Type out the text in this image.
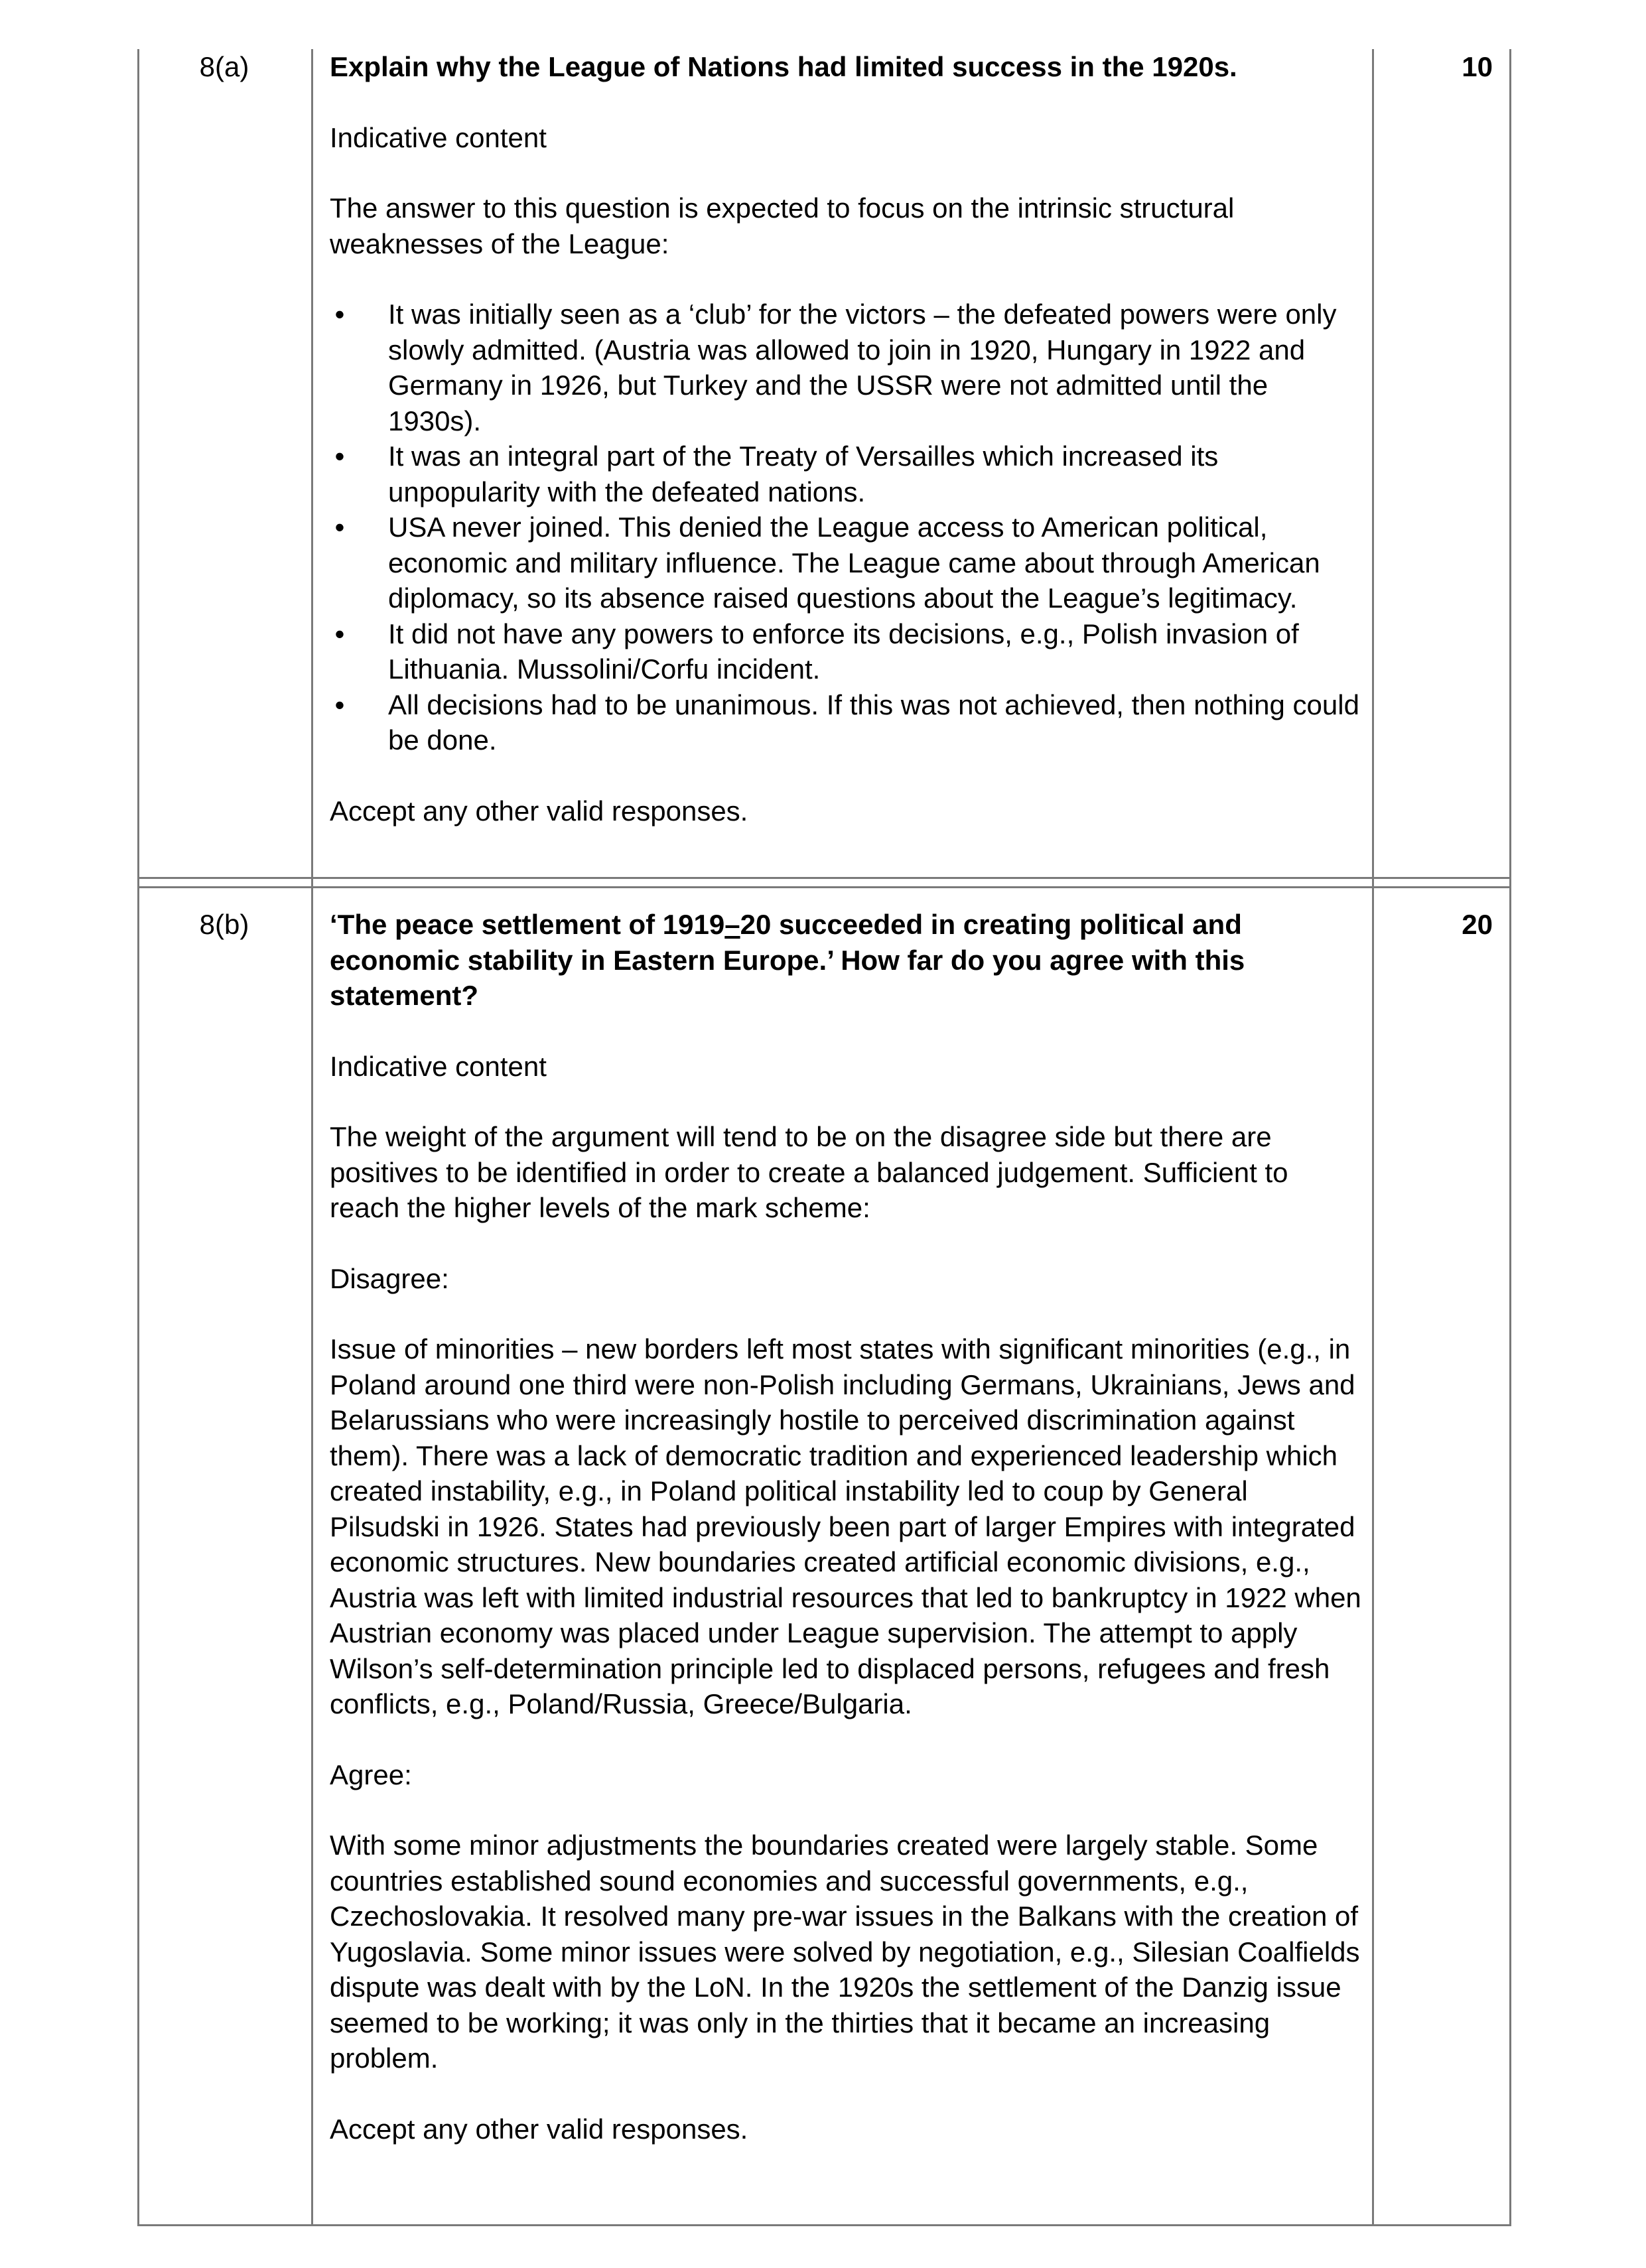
8(a)	10

Explain why the League of Nations had limited success in the 1920s.

Indicative content

The answer to this question is expected to focus on the intrinsic structural weaknesses of the League:

• It was initially seen as a ‘club’ for the victors – the defeated powers were only slowly admitted. (Austria was allowed to join in 1920, Hungary in 1922 and Germany in 1926, but Turkey and the USSR were not admitted until the 1930s).
• It was an integral part of the Treaty of Versailles which increased its unpopularity with the defeated nations.
• USA never joined. This denied the League access to American political, economic and military influence. The League came about through American diplomacy, so its absence raised questions about the League’s legitimacy.
• It did not have any powers to enforce its decisions, e.g., Polish invasion of Lithuania. Mussolini/Corfu incident.
• All decisions had to be unanimous. If this was not achieved, then nothing could be done.

Accept any other valid responses.

8(b)	20

‘The peace settlement of 1919–20 succeeded in creating political and economic stability in Eastern Europe.’ How far do you agree with this statement?

Indicative content

The weight of the argument will tend to be on the disagree side but there are positives to be identified in order to create a balanced judgement. Sufficient to reach the higher levels of the mark scheme:

Disagree:

Issue of minorities – new borders left most states with significant minorities (e.g., in Poland around one third were non-Polish including Germans, Ukrainians, Jews and Belarussians who were increasingly hostile to perceived discrimination against them). There was a lack of democratic tradition and experienced leadership which created instability, e.g., in Poland political instability led to coup by General Pilsudski in 1926. States had previously been part of larger Empires with integrated economic structures. New boundaries created artificial economic divisions, e.g., Austria was left with limited industrial resources that led to bankruptcy in 1922 when Austrian economy was placed under League supervision. The attempt to apply Wilson’s self-determination principle led to displaced persons, refugees and fresh conflicts, e.g., Poland/Russia, Greece/Bulgaria.

Agree:

With some minor adjustments the boundaries created were largely stable. Some countries established sound economies and successful governments, e.g., Czechoslovakia. It resolved many pre-war issues in the Balkans with the creation of Yugoslavia. Some minor issues were solved by negotiation, e.g., Silesian Coalfields dispute was dealt with by the LoN. In the 1920s the settlement of the Danzig issue seemed to be working; it was only in the thirties that it became an increasing problem.

Accept any other valid responses.
